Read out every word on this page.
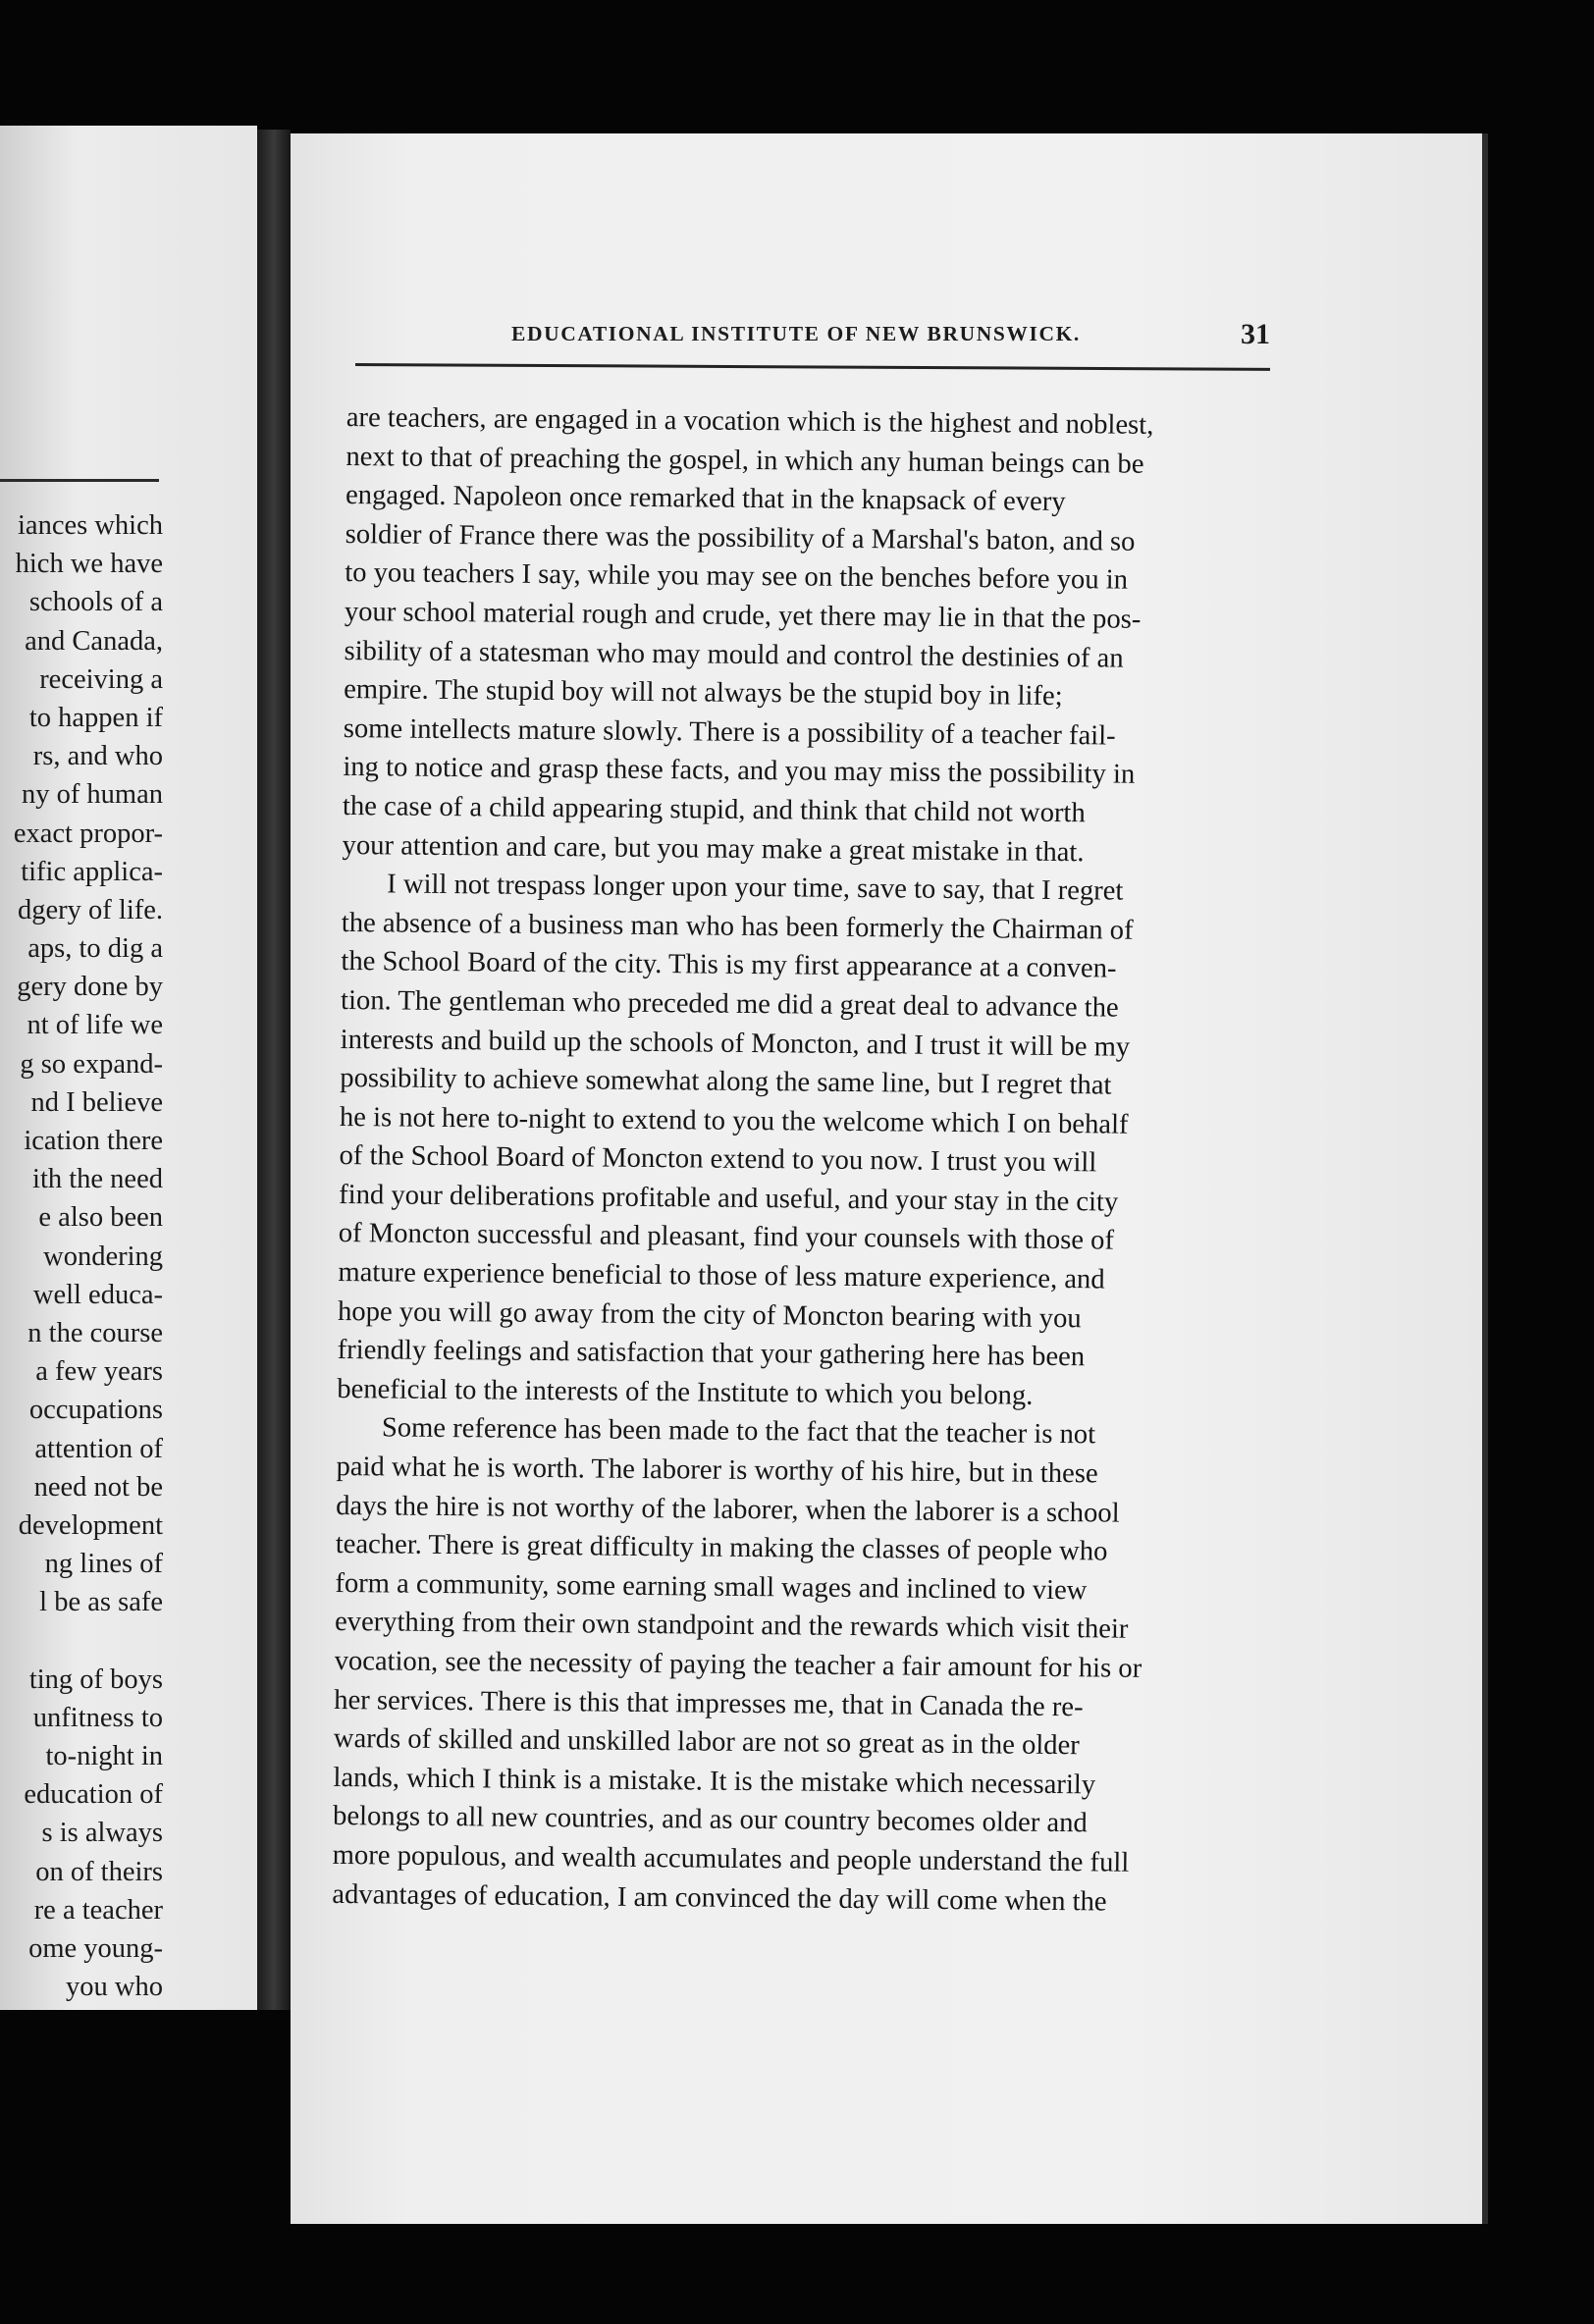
iances which
hich we have
schools of a
and Canada,
receiving a
to happen if
rs, and who
ny of human
exact propor-
tific applica-
dgery of life.
aps, to dig a
gery done by
nt of life we
g so expand-
nd I believe
ication there
ith the need
e also been
wondering
well educa-
n the course
a few years
occupations
attention of
need not be
development
ng lines of
l be as safe
ting of boys
unfitness to
to-night in
education of
s is always
on of theirs
re a teacher
ome young-
you who
EDUCATIONAL INSTITUTE OF NEW BRUNSWICK.	31
are teachers, are engaged in a vocation which is the highest and noblest,
next to that of preaching the gospel, in which any human beings can be
engaged. Napoleon once remarked that in the knapsack of every
soldier of France there was the possibility of a Marshal's baton, and so
to you teachers I say, while you may see on the benches before you in
your school material rough and crude, yet there may lie in that the pos-
sibility of a statesman who may mould and control the destinies of an
empire. The stupid boy will not always be the stupid boy in life;
some intellects mature slowly. There is a possibility of a teacher fail-
ing to notice and grasp these facts, and you may miss the possibility in
the case of a child appearing stupid, and think that child not worth
your attention and care, but you may make a great mistake in that.
I will not trespass longer upon your time, save to say, that I regret
the absence of a business man who has been formerly the Chairman of
the School Board of the city. This is my first appearance at a conven-
tion. The gentleman who preceded me did a great deal to advance the
interests and build up the schools of Moncton, and I trust it will be my
possibility to achieve somewhat along the same line, but I regret that
he is not here to-night to extend to you the welcome which I on behalf
of the School Board of Moncton extend to you now. I trust you will
find your deliberations profitable and useful, and your stay in the city
of Moncton successful and pleasant, find your counsels with those of
mature experience beneficial to those of less mature experience, and
hope you will go away from the city of Moncton bearing with you
friendly feelings and satisfaction that your gathering here has been
beneficial to the interests of the Institute to which you belong.
Some reference has been made to the fact that the teacher is not
paid what he is worth. The laborer is worthy of his hire, but in these
days the hire is not worthy of the laborer, when the laborer is a school
teacher. There is great difficulty in making the classes of people who
form a community, some earning small wages and inclined to view
everything from their own standpoint and the rewards which visit their
vocation, see the necessity of paying the teacher a fair amount for his or
her services. There is this that impresses me, that in Canada the re-
wards of skilled and unskilled labor are not so great as in the older
lands, which I think is a mistake. It is the mistake which necessarily
belongs to all new countries, and as our country becomes older and
more populous, and wealth accumulates and people understand the full
advantages of education, I am convinced the day will come when the
